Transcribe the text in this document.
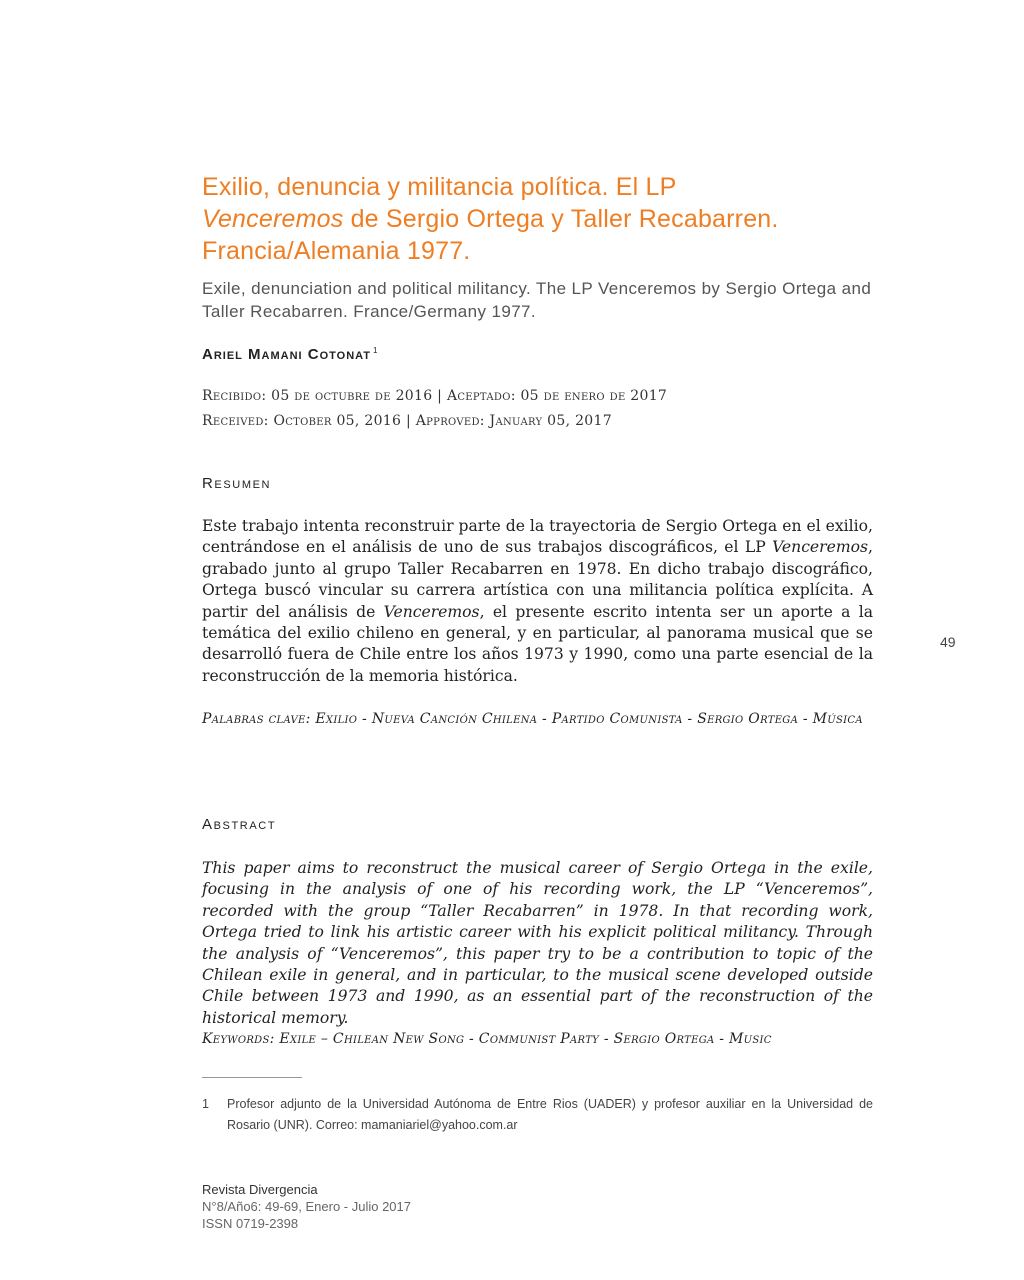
Exilio, denuncia y militancia política. El LP
Venceremos de Sergio Ortega y Taller Recabarren.
Francia/Alemania 1977.
Exile, denunciation and political militancy. The LP Venceremos by Sergio Ortega and Taller Recabarren. France/Germany 1977.
Ariel Mamani Cotonat $^1$
Recibido: 05 de octubre de 2016 | Aceptado: 05 de enero de 2017
Received: October 05, 2016 | Approved: January 05, 2017
Resumen
Este trabajo intenta reconstruir parte de la trayectoria de Sergio Ortega en el exilio, centrándose en el análisis de uno de sus trabajos discográficos, el LP Venceremos, grabado junto al grupo Taller Recabarren en 1978. En dicho trabajo discográfico, Ortega buscó vincular su carrera artística con una militancia política explícita. A partir del análisis de Venceremos, el presente escrito intenta ser un aporte a la temática del exilio chileno en general, y en particular, al panorama musical que se desarrolló fuera de Chile entre los años 1973 y 1990, como una parte esencial de la reconstrucción de la memoria histórica.
Palabras clave: Exilio - Nueva Canción Chilena - Partido Comunista - Sergio Ortega - Música
49
Abstract
This paper aims to reconstruct the musical career of Sergio Ortega in the exile, focusing in the analysis of one of his recording work, the LP “Venceremos”, recorded with the group “Taller Recabarren” in 1978. In that recording work, Ortega tried to link his artistic career with his explicit political militancy. Through the analysis of “Venceremos”, this paper try to be a contribution to topic of the Chilean exile in general, and in particular, to the musical scene developed outside Chile between 1973 and 1990, as an essential part of the reconstruction of the historical memory.
Keywords: Exile – Chilean New Song - Communist Party - Sergio Ortega - Music
1 Profesor adjunto de la Universidad Autónoma de Entre Rios (UADER) y profesor auxiliar en la Universidad de Rosario (UNR). Correo: mamaniariel@yahoo.com.ar
Revista Divergencia
N°8/Año6: 49-69, Enero - Julio 2017
ISSN 0719-2398
